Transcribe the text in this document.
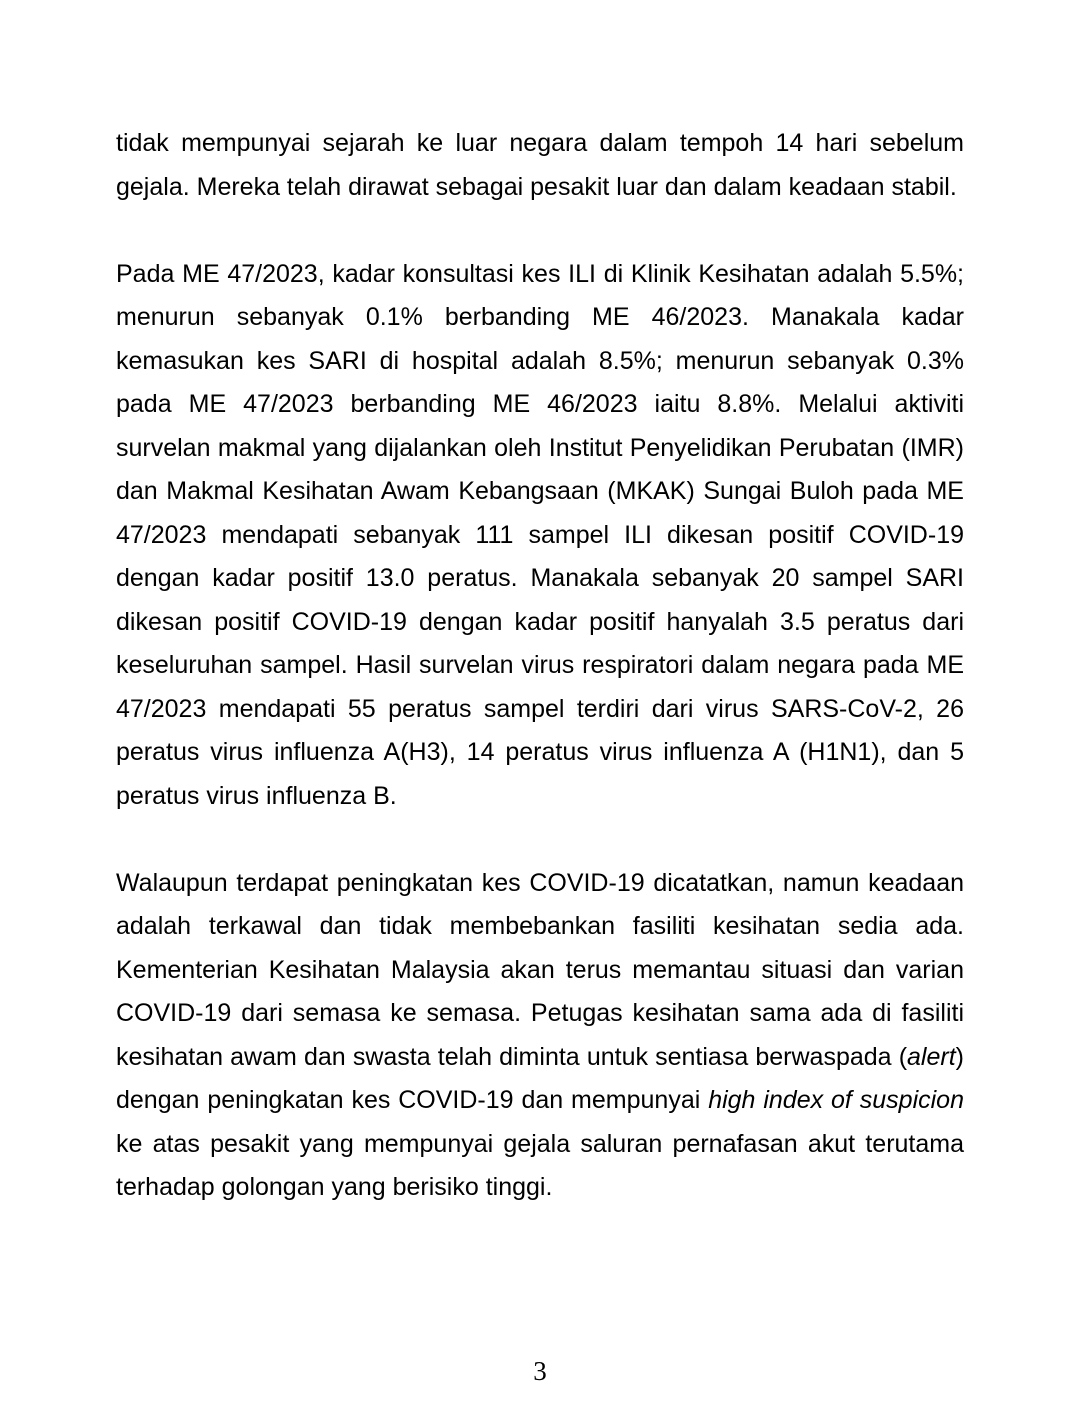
tidak mempunyai sejarah ke luar negara dalam tempoh 14 hari sebelum gejala. Mereka telah dirawat sebagai pesakit luar dan dalam keadaan stabil.

Pada ME 47/2023, kadar konsultasi kes ILI di Klinik Kesihatan adalah 5.5%; menurun sebanyak 0.1% berbanding ME 46/2023. Manakala kadar kemasukan kes SARI di hospital adalah 8.5%; menurun sebanyak 0.3% pada ME 47/2023 berbanding ME 46/2023 iaitu 8.8%. Melalui aktiviti survelan makmal yang dijalankan oleh Institut Penyelidikan Perubatan (IMR) dan Makmal Kesihatan Awam Kebangsaan (MKAK) Sungai Buloh pada ME 47/2023 mendapati sebanyak 111 sampel ILI dikesan positif COVID-19 dengan kadar positif 13.0 peratus. Manakala sebanyak 20 sampel SARI dikesan positif COVID-19 dengan kadar positif hanyalah 3.5 peratus dari keseluruhan sampel. Hasil survelan virus respiratori dalam negara pada ME 47/2023 mendapati 55 peratus sampel terdiri dari virus SARS-CoV-2, 26 peratus virus influenza A(H3), 14 peratus virus influenza A (H1N1), dan 5 peratus virus influenza B.

Walaupun terdapat peningkatan kes COVID-19 dicatatkan, namun keadaan adalah terkawal dan tidak membebankan fasiliti kesihatan sedia ada. Kementerian Kesihatan Malaysia akan terus memantau situasi dan varian COVID-19 dari semasa ke semasa. Petugas kesihatan sama ada di fasiliti kesihatan awam dan swasta telah diminta untuk sentiasa berwaspada (alert) dengan peningkatan kes COVID-19 dan mempunyai high index of suspicion ke atas pesakit yang mempunyai gejala saluran pernafasan akut terutama terhadap golongan yang berisiko tinggi.

3
